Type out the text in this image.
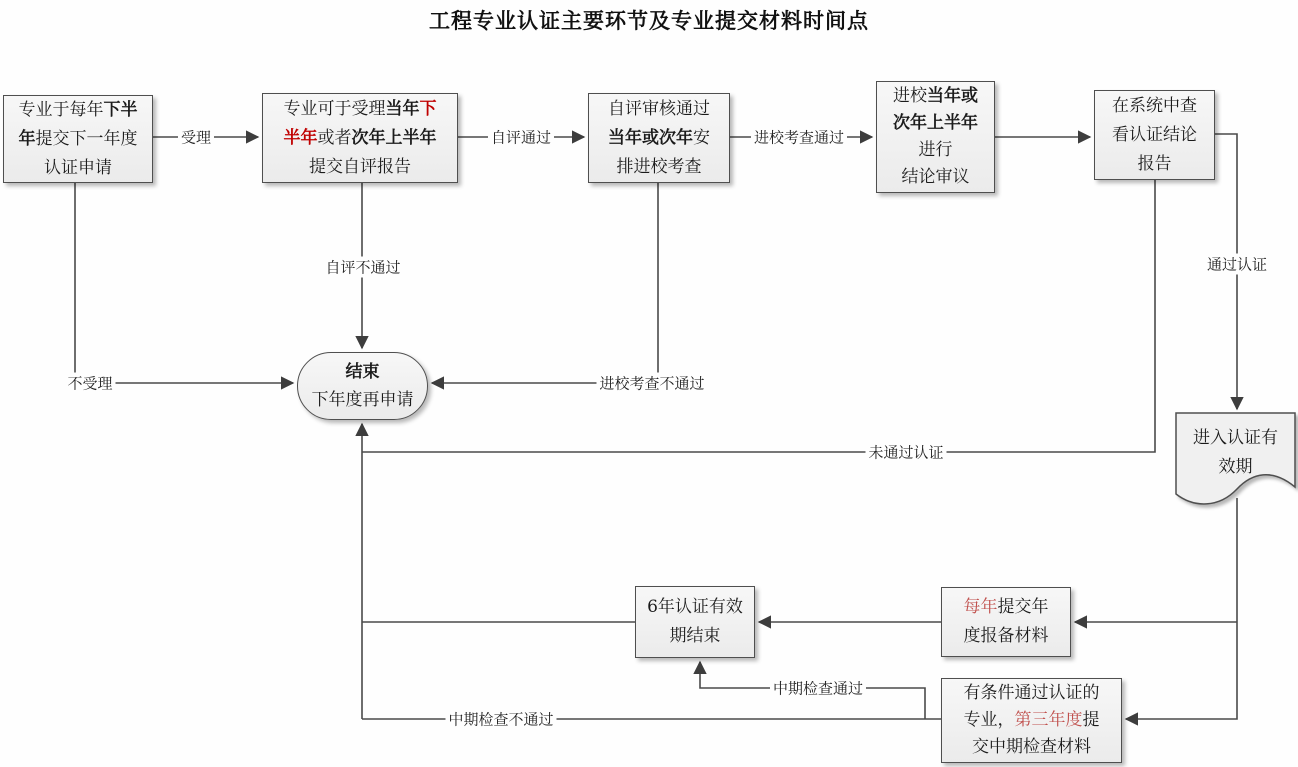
工程专业认证主要环节及专业提交材料时间点
专业于每年下半
年提交下一年度
认证申请
专业可于受理当年下
半年或者次年上半年
提交自评报告
自评审核通过
当年或次年安
排进校考查
进校当年或
次年上半年
进行
结论审议
在系统中查
看认证结论
报告
结束
下年度再申请
进入认证有
效期
6年认证有效
期结束
每年提交年
度报备材料
有条件通过认证的
专业，第三年度提
交中期检查材料
受理	自评通过	进校考查通过
自评不通过
不受理	进校考查不通过
通过认证
未通过认证
中期检查通过
中期检查不通过
